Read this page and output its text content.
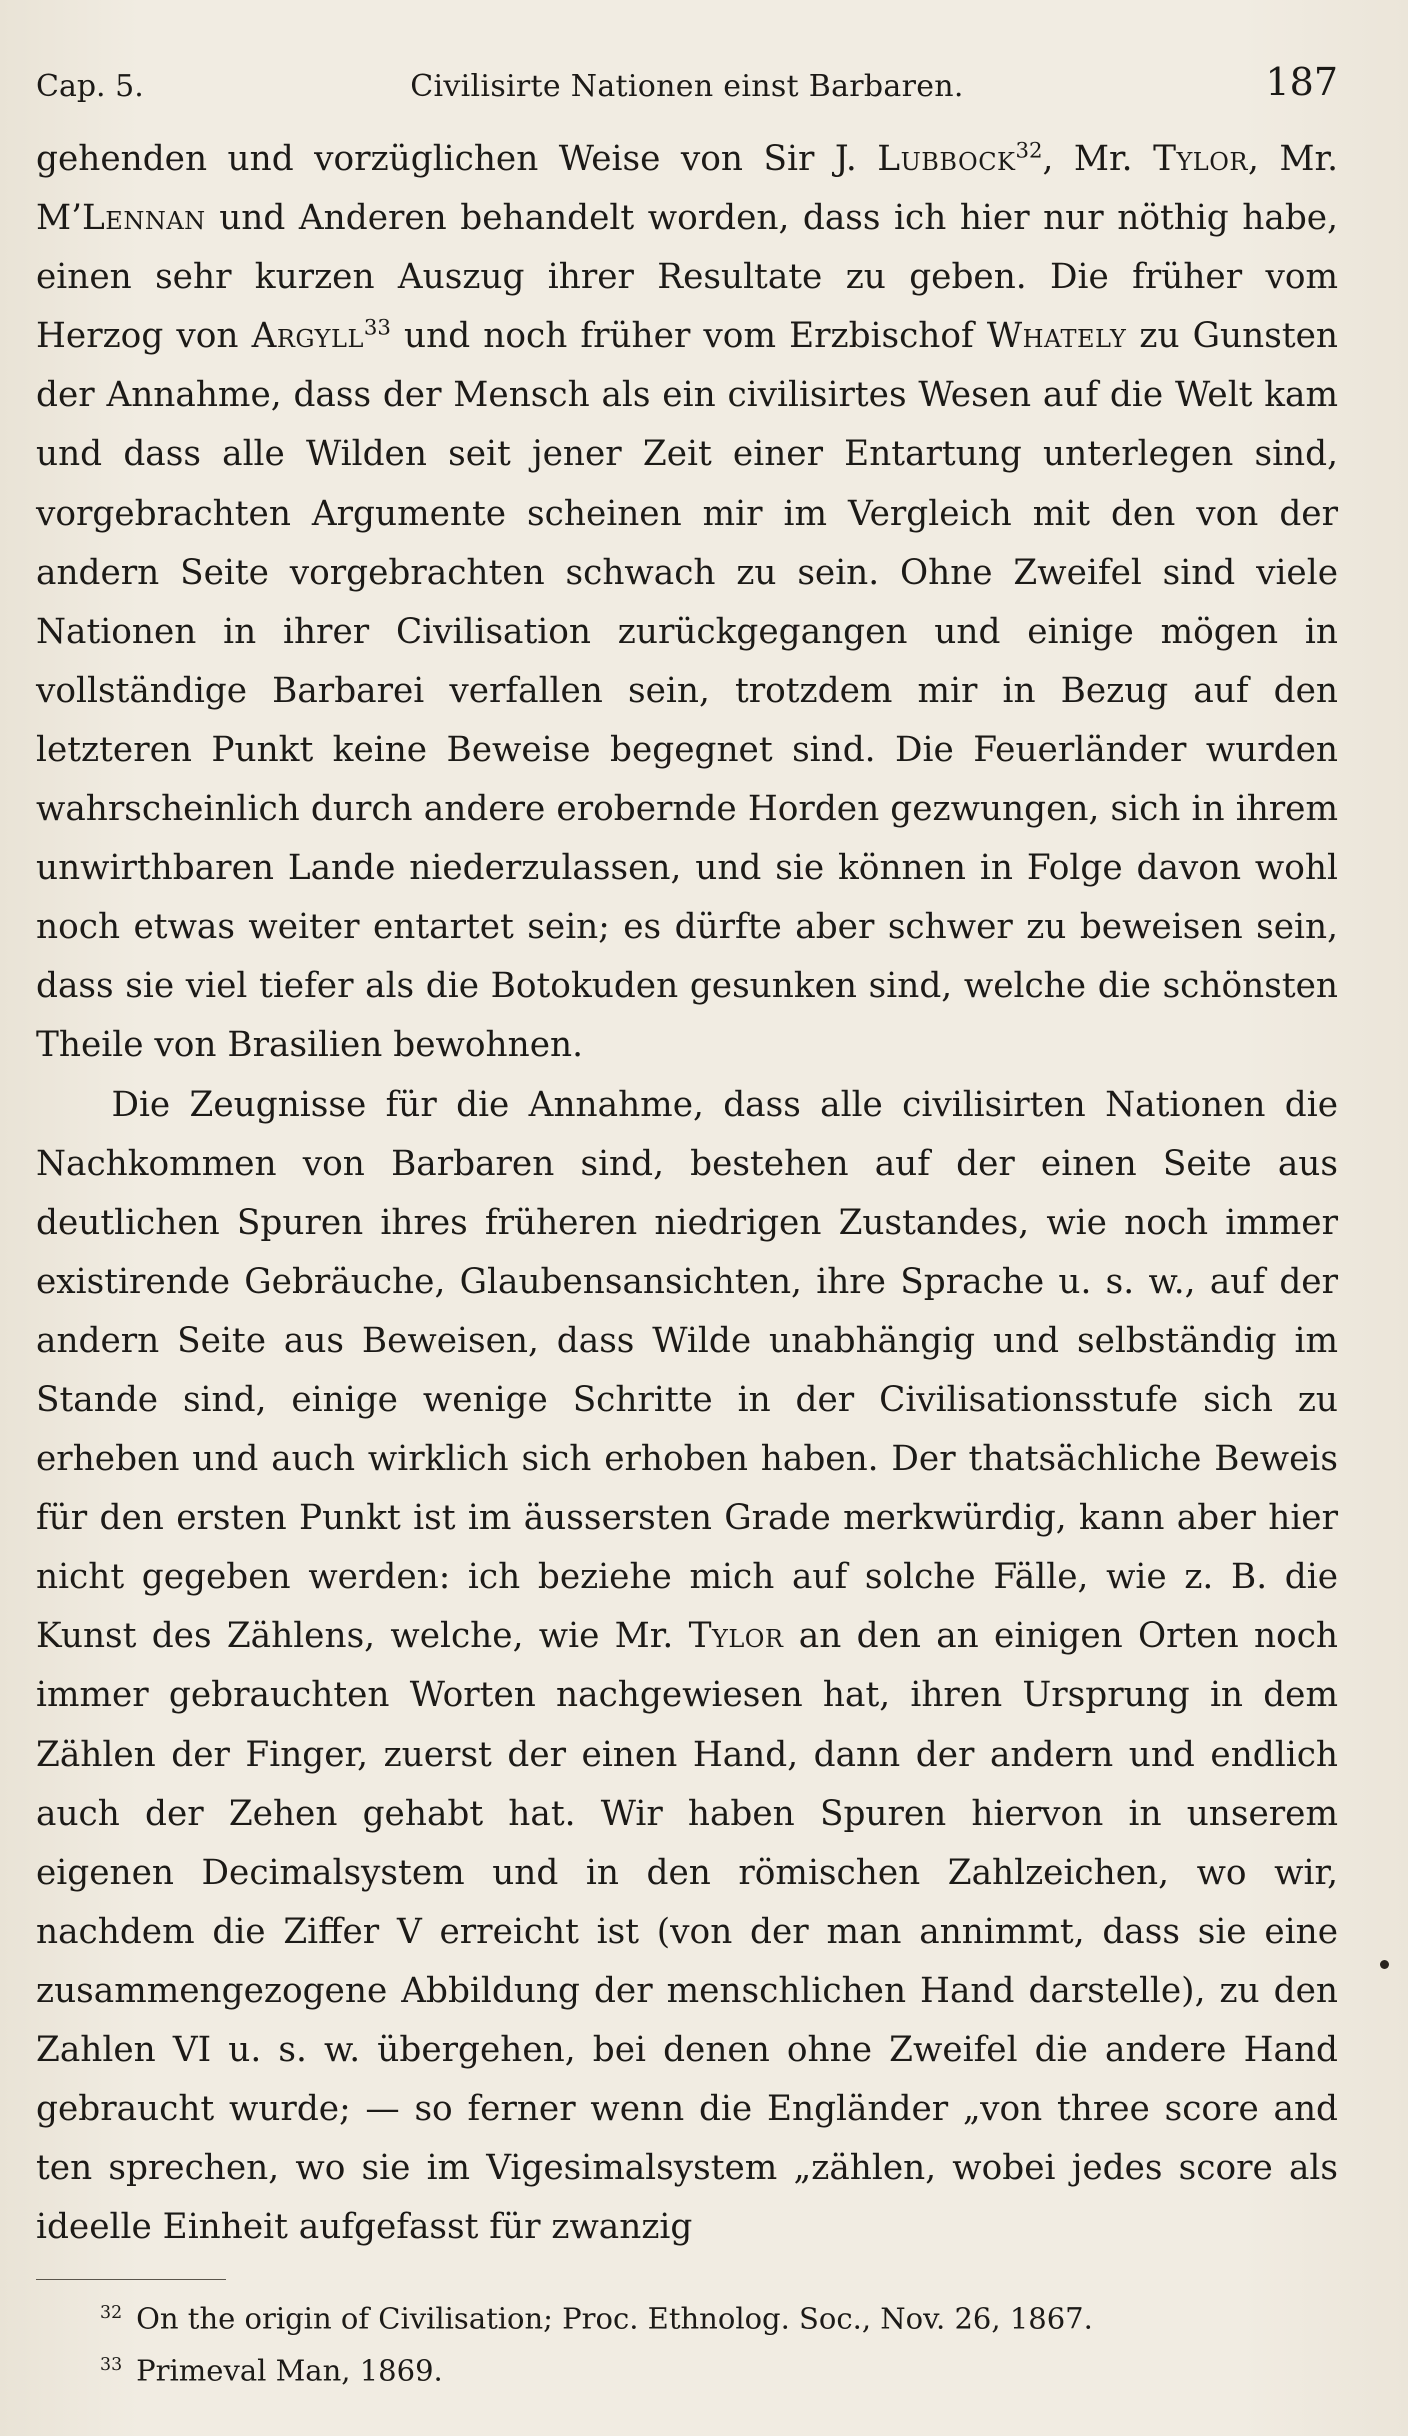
Cap. 5.	Civilisirte Nationen einst Barbaren.	187

gehenden und vorzüglichen Weise von Sir J. Lubbock$^{32}$, Mr. Tylor, Mr. M’Lennan und Anderen behandelt worden, dass ich hier nur nöthig habe, einen sehr kurzen Auszug ihrer Resultate zu geben. Die früher vom Herzog von Argyll$^{33}$ und noch früher vom Erzbischof Whately zu Gunsten der Annahme, dass der Mensch als ein civilisirtes Wesen auf die Welt kam und dass alle Wilden seit jener Zeit einer Entartung unterlegen sind, vorgebrachten Argumente scheinen mir im Vergleich mit den von der andern Seite vorgebrachten schwach zu sein. Ohne Zweifel sind viele Nationen in ihrer Civilisation zurückgegangen und einige mögen in vollständige Barbarei verfallen sein, trotzdem mir in Bezug auf den letzteren Punkt keine Beweise begegnet sind. Die Feuerländer wurden wahrscheinlich durch andere erobernde Horden gezwungen, sich in ihrem unwirthbaren Lande niederzulassen, und sie können in Folge davon wohl noch etwas weiter entartet sein; es dürfte aber schwer zu beweisen sein, dass sie viel tiefer als die Botokuden gesunken sind, welche die schönsten Theile von Brasilien bewohnen.

Die Zeugnisse für die Annahme, dass alle civilisirten Nationen die Nachkommen von Barbaren sind, bestehen auf der einen Seite aus deutlichen Spuren ihres früheren niedrigen Zustandes, wie noch immer existirende Gebräuche, Glaubensansichten, ihre Sprache u. s. w., auf der andern Seite aus Beweisen, dass Wilde unabhängig und selbständig im Stande sind, einige wenige Schritte in der Civilisationsstufe sich zu erheben und auch wirklich sich erhoben haben. Der thatsächliche Beweis für den ersten Punkt ist im äussersten Grade merkwürdig, kann aber hier nicht gegeben werden: ich beziehe mich auf solche Fälle, wie z. B. die Kunst des Zählens, welche, wie Mr. Tylor an den an einigen Orten noch immer gebrauchten Worten nachgewiesen hat, ihren Ursprung in dem Zählen der Finger, zuerst der einen Hand, dann der andern und endlich auch der Zehen gehabt hat. Wir haben Spuren hiervon in unserem eigenen Decimalsystem und in den römischen Zahlzeichen, wo wir, nachdem die Ziffer V erreicht ist (von der man annimmt, dass sie eine zusammengezogene Abbildung der menschlichen Hand darstelle), zu den Zahlen VI u. s. w. übergehen, bei denen ohne Zweifel die andere Hand gebraucht wurde; — so ferner wenn die Engländer „von three score and ten sprechen, wo sie im Vigesimalsystem „zählen, wobei jedes score als ideelle Einheit aufgefasst für zwanzig

$^{32}$ On the origin of Civilisation; Proc. Ethnolog. Soc., Nov. 26, 1867.
$^{33}$ Primeval Man, 1869.
